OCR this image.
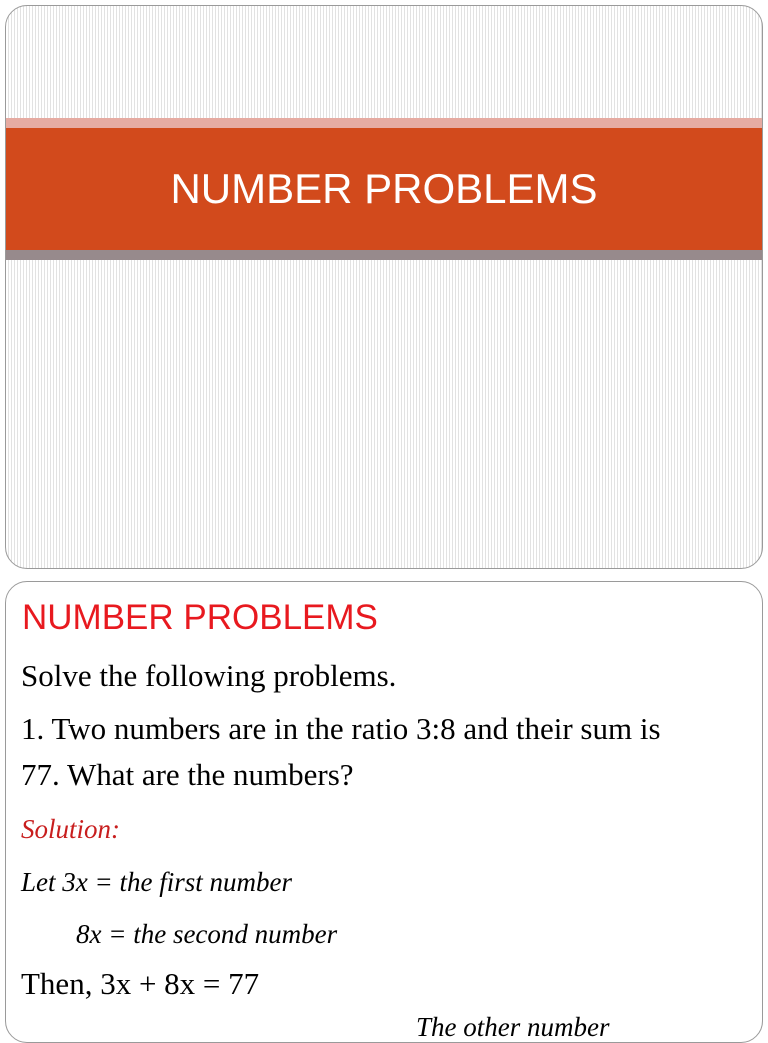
NUMBER PROBLEMS
NUMBER PROBLEMS
Solve the following problems.
1. Two numbers are in the ratio 3:8 and their sum is
77. What are the numbers?
Solution:
Let 3x = the first number
8x = the second number
Then, 3x + 8x = 77
The other number
